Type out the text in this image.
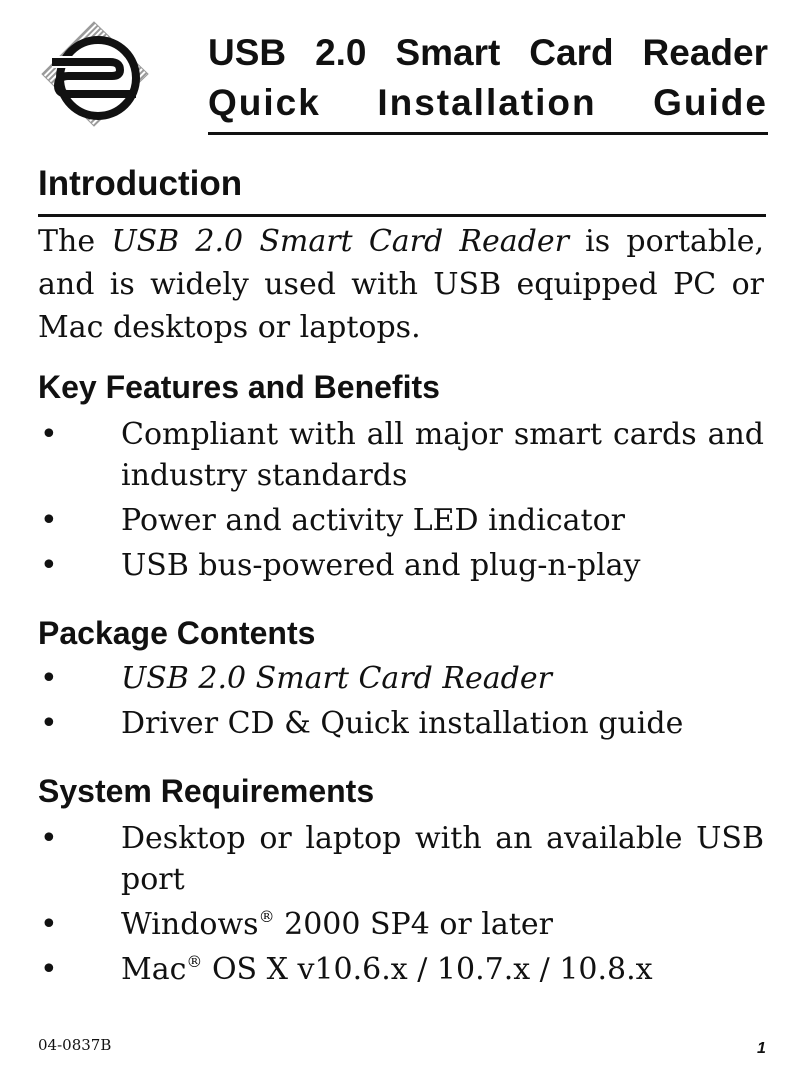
USB 2.0 Smart Card Reader
Quick Installation Guide
Introduction

The USB 2.0 Smart Card Reader is portable, and is widely used with USB equipped PC or Mac desktops or laptops.

Key Features and Benefits
• Compliant with all major smart cards and industry standards
• Power and activity LED indicator
• USB bus-powered and plug-n-play
Package Contents
• USB 2.0 Smart Card Reader
• Driver CD & Quick installation guide
System Requirements
• Desktop or laptop with an available USB port
• Windows® 2000 SP4 or later
• Mac® OS X v10.6.x / 10.7.x / 10.8.x
04-0837B	1
